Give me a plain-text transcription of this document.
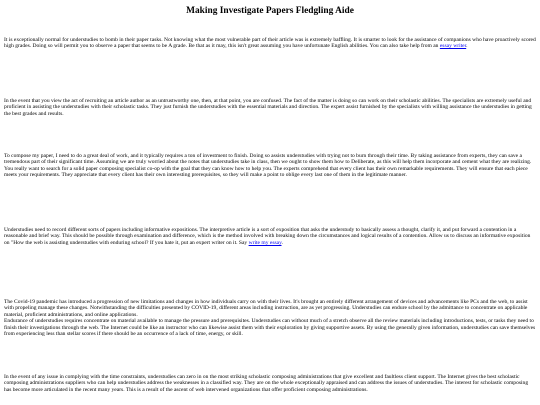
Making Investigate Papers Fledgling Aide

It is exceptionally normal for understudies to bomb in their paper tasks. Not knowing what the most vulnerable part of their article was is extremely baffling. It is smarter to look for the assistance of companions who have proactively scored high grades. Doing so will permit you to observe a paper that seems to be A grade. Be that as it may, this isn't great assuming you have unfortunate English abilities. You can also take help from an essay writer.

In the event that you view the act of recruiting an article author as an untrustworthy one, then, at that point, you are confused. The fact of the matter is doing so can work on their scholastic abilities. The specialists are extremely useful and proficient in assisting the understudies with their scholastic tasks. They just furnish the understudies with the essential materials and direction. The expert assist furnished by the specialists with willing assistance the understudies in getting the best grades and results.

To compose my paper, I need to do a great deal of work, and it typically requires a ton of investment to finish. Doing so assists understudies with trying not to burn through their time. By taking assistance from experts, they can save a tremendous part of their significant time. Assuming we are truly worried about the notes that understudies take in class, then we ought to show them how to Deliberate, as this will help them incorporate and cement what they are realizing.
You really want to search for a solid paper composing specialist co-op with the goal that they can know how to help you. The experts comprehend that every client has their own remarkable requirements. They will ensure that each piece meets your requirements. They appreciate that every client has their own interesting prerequisites, so they will make a point to oblige every last one of them in the legitimate manner.

Understudies need to record different sorts of papers including informative expositions. The interpretive article is a sort of exposition that asks the understudy to basically assess a thought, clarify it, and put forward a contention in a reasonable and brief way. This should be possible through examination and difference, which is the method involved with breaking down the circumstances and logical results of a contention. Allow us to discuss an informative exposition on "How the web is assisting understudies with enduring school? If you hate it, put an expert writer on it. Say write my essay.

The Covid-19 pandemic has introduced a progression of new limitations and changes in how individuals carry on with their lives. It's brought an entirely different arrangement of devices and advancements like PCs and the web, to assist with propeling manage these changes. Notwithstanding the difficulties presented by COVID-19, different areas including instruction, are as yet progressing. Understudies can endure school by the admittance to concentrate on applicable material, proficient administrations, and online applications.
Endurance of understudies requires concentrate on material available to manage the pressure and prerequisites. Understudies can without much of a stretch observe all the review materials including introductions, tests, or tasks they need to finish their investigations through the web. The Internet could be like an instructor who can likewise assist them with their exploration by giving supportive assets. By using the generally given information, understudies can save themselves from experiencing less than stellar scores if there should be an occurrence of a lack of time, energy, or skill.

In the event of any issue in complying with the time constraints, understudies can zero in on the most striking scholastic composing administrations that give excellent and faultless client support. The Internet gives the best scholastic composing administrations suppliers who can help understudies address the weaknesses in a classified way. They are on the whole exceptionally appraised and can address the issues of understudies. The interest for scholastic composing has become more articulated in the recent many years. This is a result of the ascent of web intervened organizations that offer proficient composing administrations.
